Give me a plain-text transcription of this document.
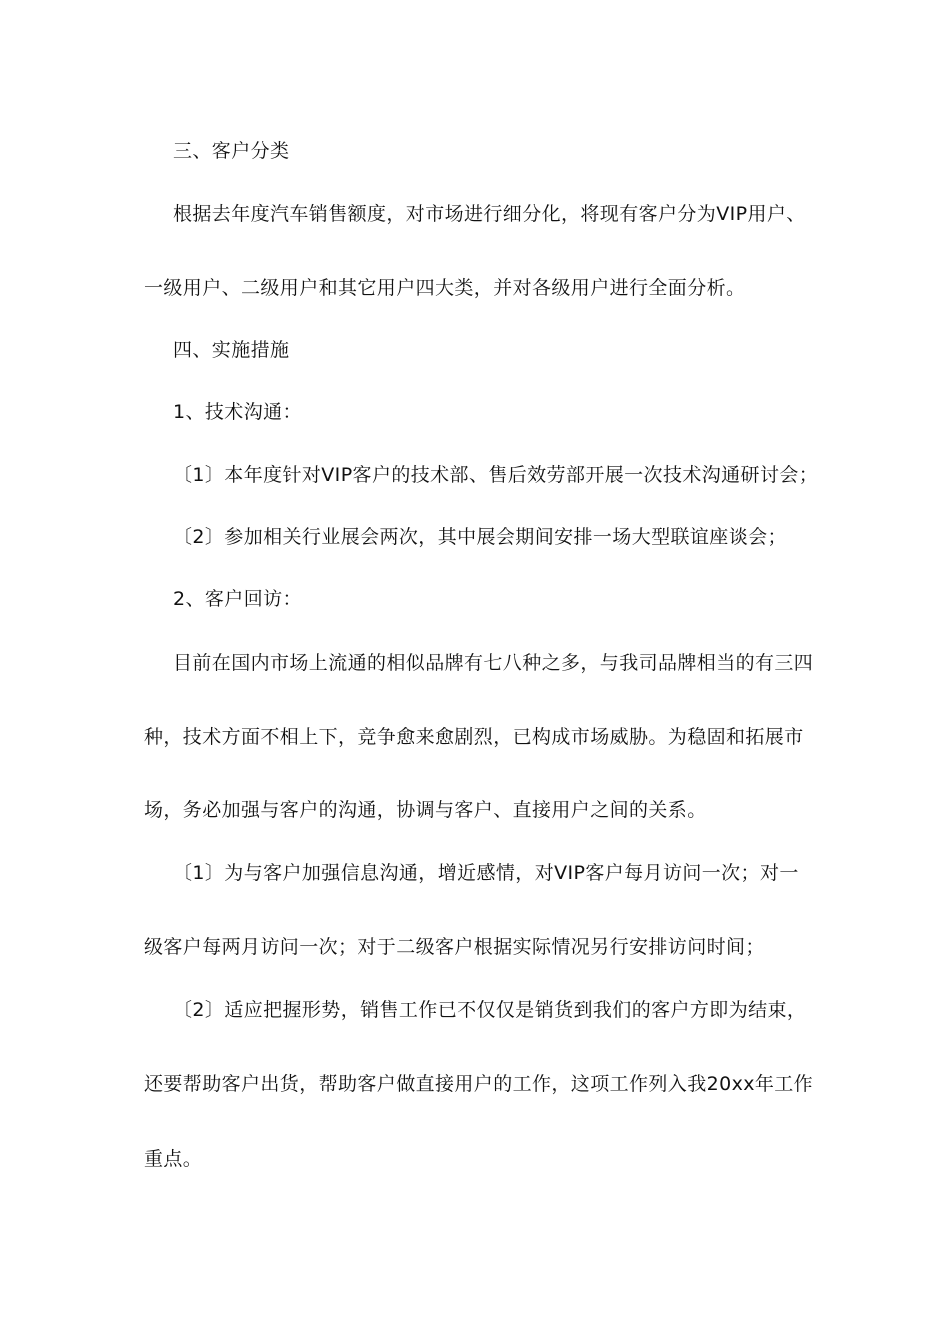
三、客户分类
根据去年度汽车销售额度，对市场进行细分化，将现有客户分为VIP用户、
一级用户、二级用户和其它用户四大类，并对各级用户进行全面分析。
四、实施措施
1、技术沟通：
〔1〕本年度针对VIP客户的技术部、售后效劳部开展一次技术沟通研讨会；
〔2〕参加相关行业展会两次，其中展会期间安排一场大型联谊座谈会；
2、客户回访：
目前在国内市场上流通的相似品牌有七八种之多，与我司品牌相当的有三四
种，技术方面不相上下，竞争愈来愈剧烈，已构成市场威胁。为稳固和拓展市
场，务必加强与客户的沟通，协调与客户、直接用户之间的关系。
〔1〕为与客户加强信息沟通，增近感情，对VIP客户每月访问一次；对一
级客户每两月访问一次；对于二级客户根据实际情况另行安排访问时间；
〔2〕适应把握形势，销售工作已不仅仅是销货到我们的客户方即为结束，
还要帮助客户出货，帮助客户做直接用户的工作，这项工作列入我20xx年工作
重点。
